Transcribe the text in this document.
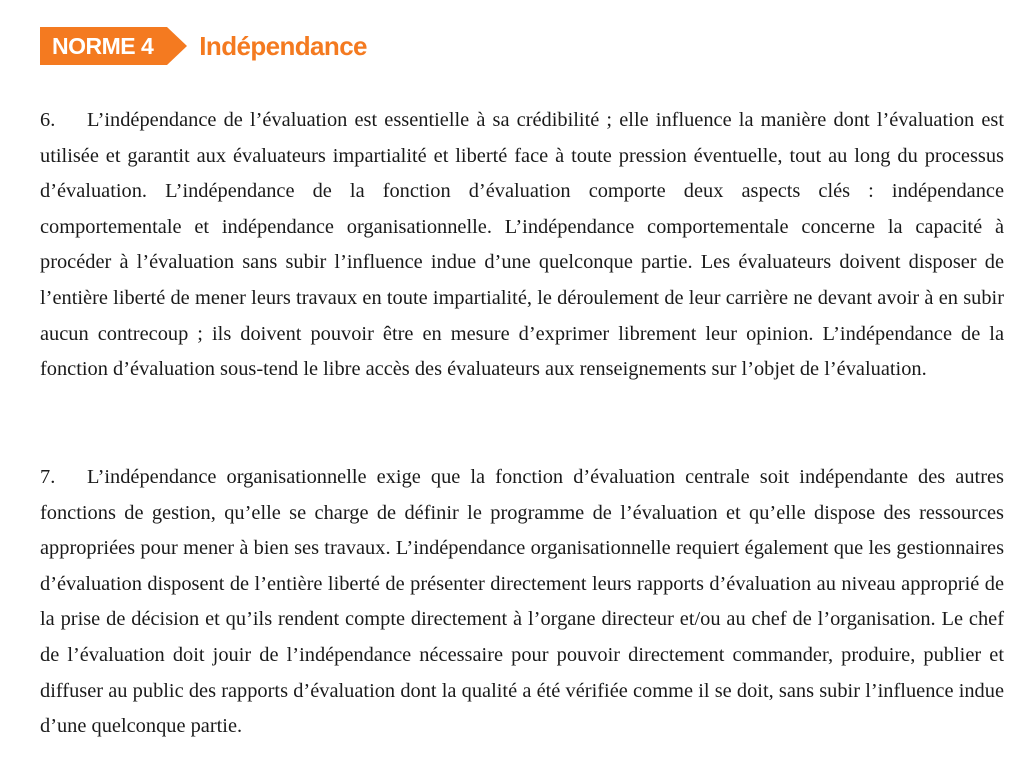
NORME 4	Indépendance

6. L’indépendance de l’évaluation est essentielle à sa crédibilité ; elle influence la manière dont l’évaluation est utilisée et garantit aux évaluateurs impartialité et liberté face à toute pression éventuelle, tout au long du processus d’évaluation. L’indépendance de la fonction d’évaluation comporte deux aspects clés : indépendance comportementale et indépendance organisationnelle. L’indépendance comportementale concerne la capacité à procéder à l’évaluation sans subir l’influence indue d’une quelconque partie. Les évaluateurs doivent disposer de l’entière liberté de mener leurs travaux en toute impartialité, le déroulement de leur carrière ne devant avoir à en subir aucun contrecoup ; ils doivent pouvoir être en mesure d’exprimer librement leur opinion. L’indépendance de la fonction d’évaluation sous-tend le libre accès des évaluateurs aux renseignements sur l’objet de l’évaluation.

7. L’indépendance organisationnelle exige que la fonction d’évaluation centrale soit indépendante des autres fonctions de gestion, qu’elle se charge de définir le programme de l’évaluation et qu’elle dispose des ressources appropriées pour mener à bien ses travaux. L’indépendance organisationnelle requiert également que les gestionnaires d’évaluation disposent de l’entière liberté de présenter directement leurs rapports d’évaluation au niveau approprié de la prise de décision et qu’ils rendent compte directement à l’organe directeur et/ou au chef de l’organisation. Le chef de l’évaluation doit jouir de l’indépendance nécessaire pour pouvoir directement commander, produire, publier et diffuser au public des rapports d’évaluation dont la qualité a été vérifiée comme il se doit, sans subir l’influence indue d’une quelconque partie.
